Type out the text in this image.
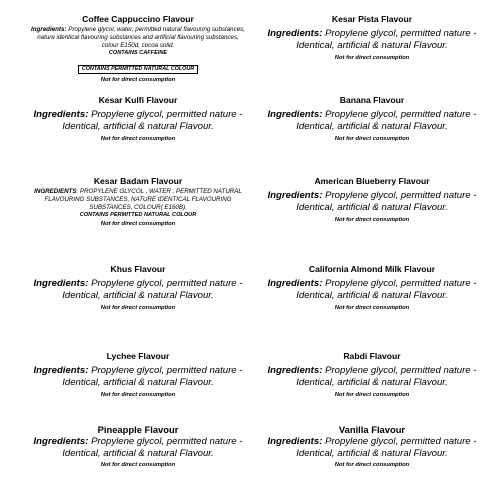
Coffee Cappuccino Flavour
Ingredients: Propylene glycol, water, permitted natural flavouring substances, nature identical flavouring substances and artificial flavouring substances, colour E150d, cocoa solid.
CONTAINS CAFFEINE
CONTAINS PERMITTED NATURAL COLOUR
Not for direct consumption
Kesar Pista Flavour
Ingredients: Propylene glycol, permitted nature - Identical, artificial & natural Flavour.
Not for direct consumption
Kesar Kulfi Flavour
Ingredients: Propylene glycol, permitted nature - Identical, artificial & natural Flavour.
Not for direct consumption
Banana Flavour
Ingredients: Propylene glycol, permitted nature - Identical, artificial & natural Flavour.
Not for direct consumption
Kesar Badam Flavour
INGREDIENTS: PROPYLENE GLYCOL , WATER , PERMITTED NATURAL FLAVOURING SUBSTANCES, NATURE IDENTICAL FLAVOURING SUBSTANCES, COLOUR( E160B).
CONTAINS PERMITTED NATURAL COLOUR
Not for direct consumption
American Blueberry Flavour
Ingredients: Propylene glycol, permitted nature - Identical, artificial & natural Flavour.
Not for direct consumption
Khus Flavour
Ingredients: Propylene glycol, permitted nature - Identical, artificial & natural Flavour.
Not for direct consumption
California Almond Milk Flavour
Ingredients: Propylene glycol, permitted nature - Identical, artificial & natural Flavour.
Not for direct consumption
Lychee Flavour
Ingredients: Propylene glycol, permitted nature - Identical, artificial & natural Flavour.
Not for direct consumption
Rabdi Flavour
Ingredients: Propylene glycol, permitted nature - Identical, artificial & natural Flavour.
Not for direct consumption
Pineapple Flavour
Ingredients: Propylene glycol, permitted nature - Identical, artificial & natural Flavour.
Not for direct consumption
Vanilla Flavour
Ingredients: Propylene glycol, permitted nature - Identical, artificial & natural Flavour.
Not for direct consumption
